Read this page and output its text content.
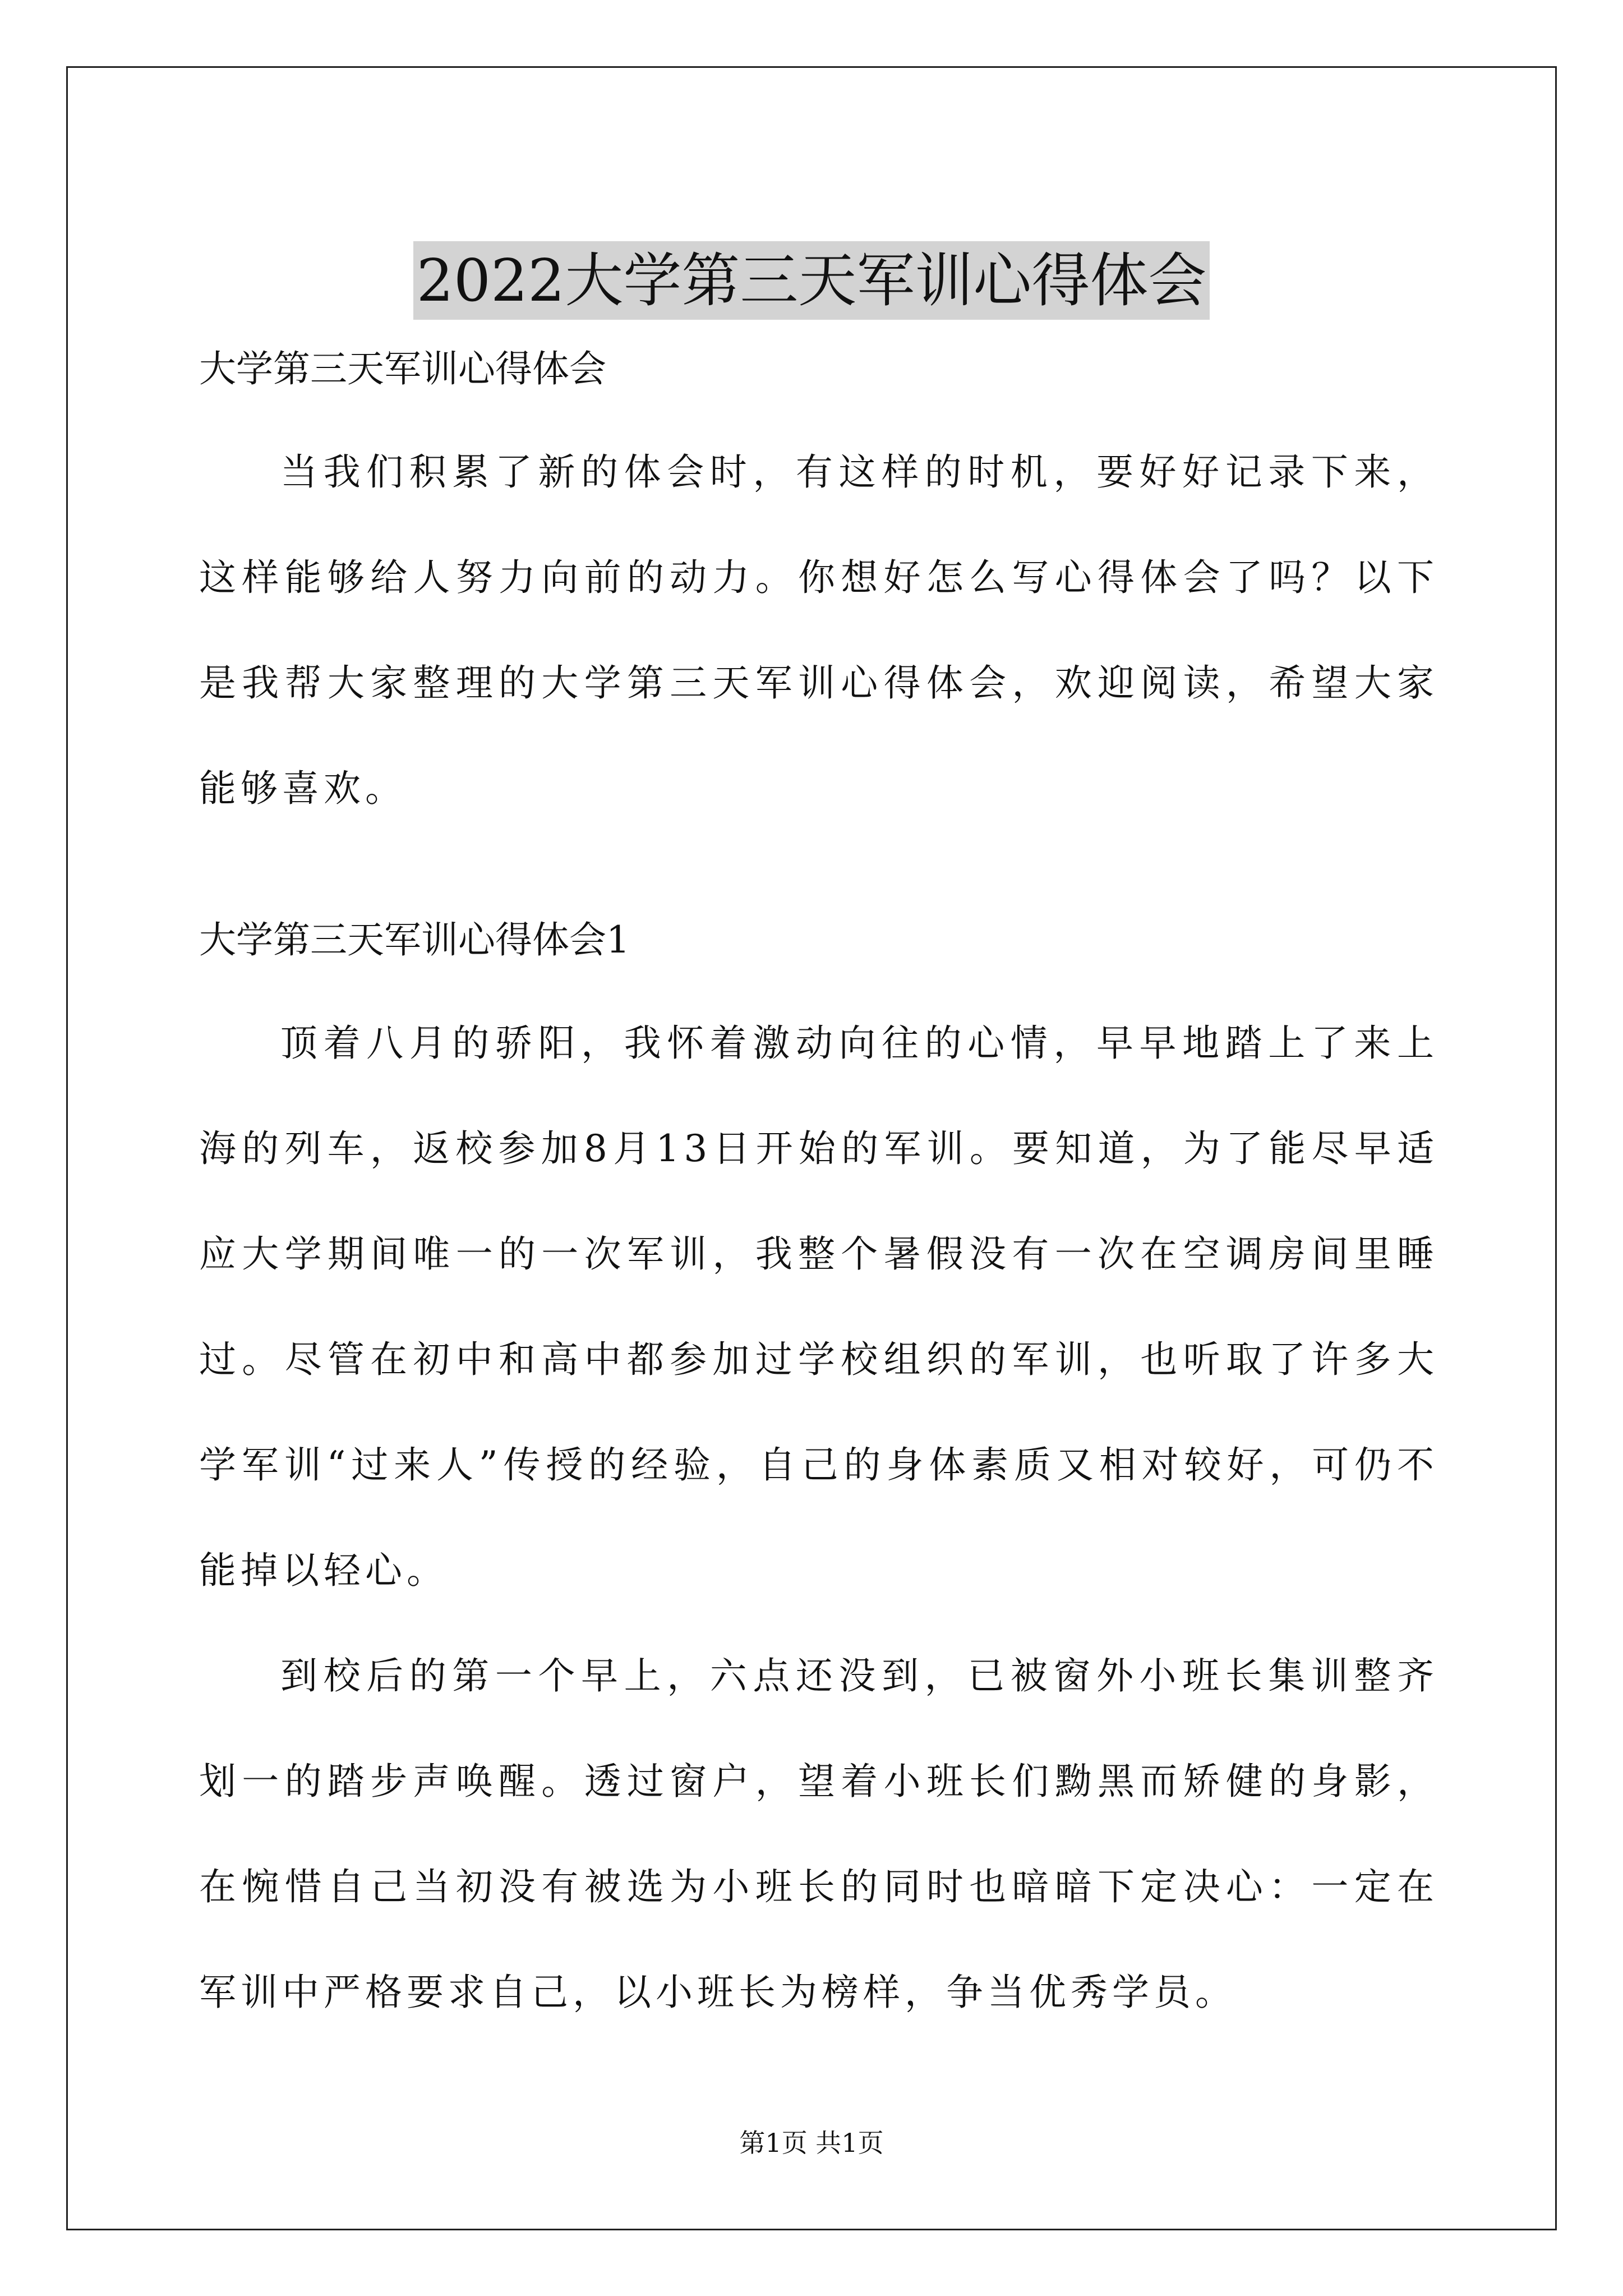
2022大学第三天军训心得体会

大学第三天军训心得体会

当我们积累了新的体会时，有这样的时机，要好好记录下来，这样能够给人努力向前的动力。你想好怎么写心得体会了吗？以下是我帮大家整理的大学第三天军训心得体会，欢迎阅读，希望大家能够喜欢。

大学第三天军训心得体会1

顶着八月的骄阳，我怀着激动向往的心情，早早地踏上了来上海的列车，返校参加8月13日开始的军训。要知道，为了能尽早适应大学期间唯一的一次军训，我整个暑假没有一次在空调房间里睡过。尽管在初中和高中都参加过学校组织的军训，也听取了许多大学军训“过来人”传授的经验，自己的身体素质又相对较好，可仍不能掉以轻心。

到校后的第一个早上，六点还没到，已被窗外小班长集训整齐划一的踏步声唤醒。透过窗户，望着小班长们黝黑而矫健的身影，在惋惜自己当初没有被选为小班长的同时也暗暗下定决心：一定在军训中严格要求自己，以小班长为榜样，争当优秀学员。

第1页 共1页
